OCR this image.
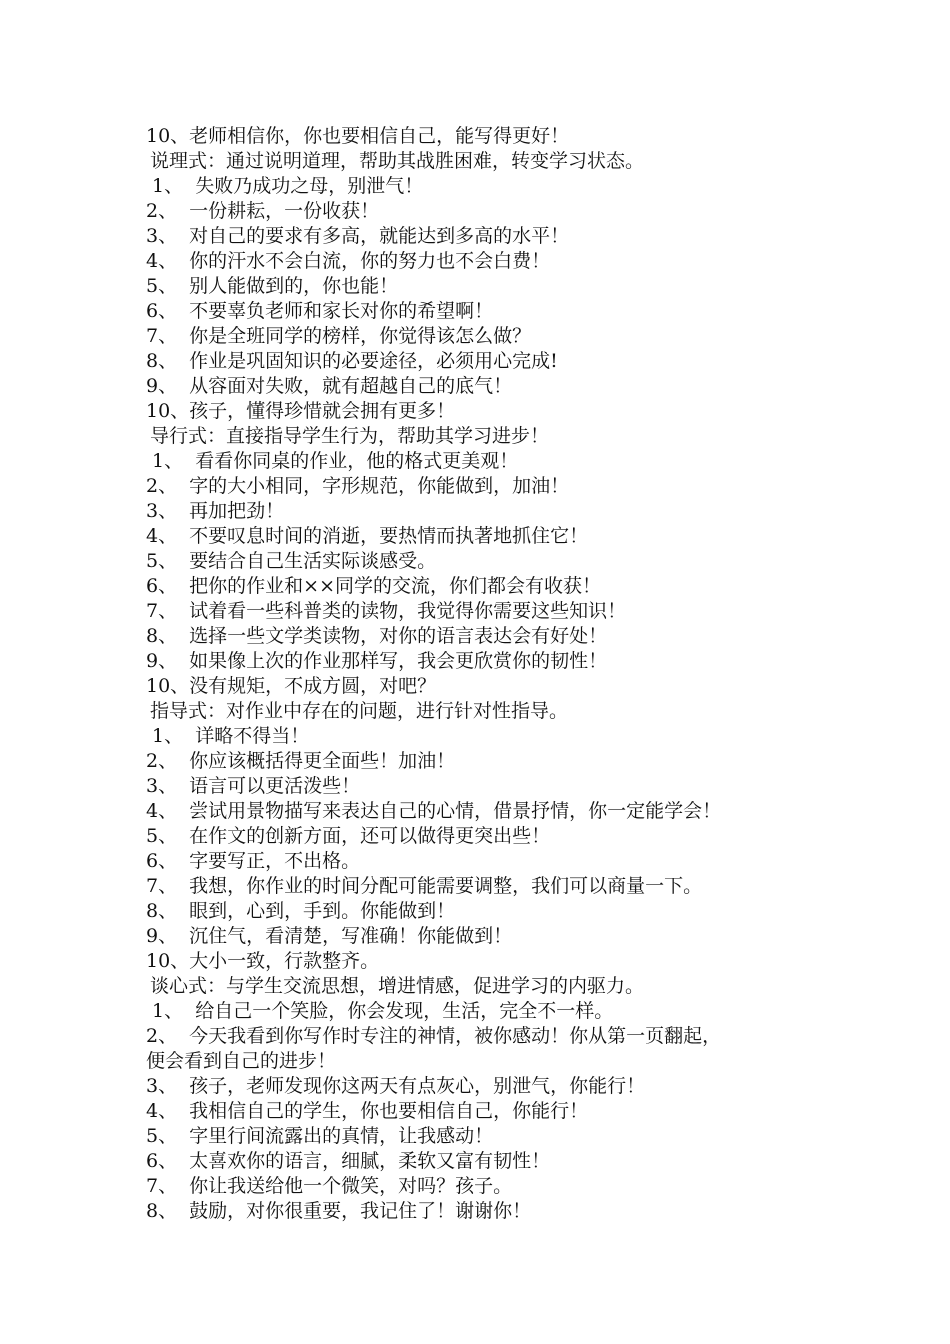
10、老师相信你，你也要相信自己，能写得更好！
说理式：通过说明道理，帮助其战胜困难，转变学习状态。
1、  失败乃成功之母，别泄气！
2、  一份耕耘，一份收获！
3、  对自己的要求有多高，就能达到多高的水平！
4、  你的汗水不会白流，你的努力也不会白费！
5、  别人能做到的，你也能！
6、  不要辜负老师和家长对你的希望啊！
7、  你是全班同学的榜样，你觉得该怎么做？
8、  作业是巩固知识的必要途径，必须用心完成!
9、  从容面对失败，就有超越自己的底气！
10、孩子，懂得珍惜就会拥有更多！
导行式：直接指导学生行为，帮助其学习进步！
1、  看看你同桌的作业，他的格式更美观！
2、  字的大小相同，字形规范，你能做到，加油！
3、  再加把劲！
4、  不要叹息时间的消逝，要热情而执著地抓住它！
5、  要结合自己生活实际谈感受。
6、  把你的作业和××同学的交流，你们都会有收获！
7、  试着看一些科普类的读物，我觉得你需要这些知识！
8、  选择一些文学类读物，对你的语言表达会有好处！
9、  如果像上次的作业那样写，我会更欣赏你的韧性！
10、没有规矩，不成方圆，对吧？
指导式：对作业中存在的问题，进行针对性指导。
1、  详略不得当！
2、  你应该概括得更全面些！加油！
3、  语言可以更活泼些！
4、  尝试用景物描写来表达自己的心情，借景抒情，你一定能学会！
5、  在作文的创新方面，还可以做得更突出些！
6、  字要写正，不出格。
7、  我想，你作业的时间分配可能需要调整，我们可以商量一下。
8、  眼到，心到，手到。你能做到！
9、  沉住气，看清楚，写准确！你能做到！
10、大小一致，行款整齐。
谈心式：与学生交流思想，增进情感，促进学习的内驱力。
1、  给自己一个笑脸，你会发现，生活，完全不一样。
2、  今天我看到你写作时专注的神情，被你感动！你从第一页翻起，
便会看到自己的进步！
3、  孩子，老师发现你这两天有点灰心，别泄气，你能行！
4、  我相信自己的学生，你也要相信自己，你能行！
5、  字里行间流露出的真情，让我感动！
6、  太喜欢你的语言，细腻，柔软又富有韧性！
7、  你让我送给他一个微笑，对吗？孩子。
8、  鼓励，对你很重要，我记住了！谢谢你！
